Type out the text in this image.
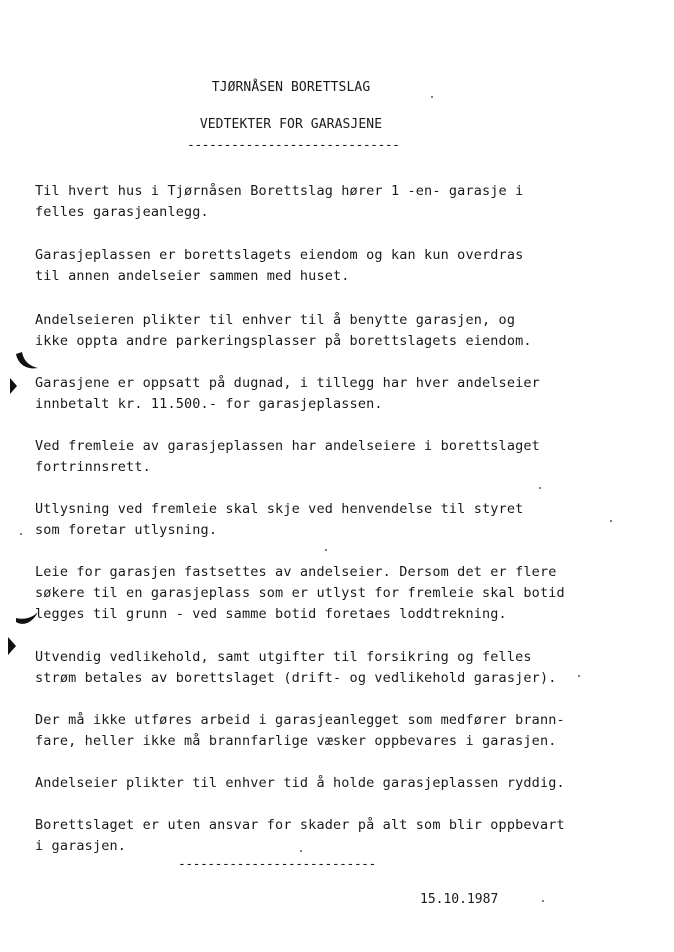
TJØRNÅSEN BORETTSLAG
VEDTEKTER FOR GARASJENE
-----------------------------
Til hvert hus i Tjørnåsen Borettslag hører 1 -en- garasje i
felles garasjeanlegg.
Garasjeplassen er borettslagets eiendom og kan kun overdras
til annen andelseier sammen med huset.
Andelseieren plikter til enhver til å benytte garasjen, og
ikke oppta andre parkeringsplasser på borettslagets eiendom.
Garasjene er oppsatt på dugnad, i tillegg har hver andelseier
innbetalt kr. 11.500.- for garasjeplassen.
Ved fremleie av garasjeplassen har andelseiere i borettslaget
fortrinnsrett.
Utlysning ved fremleie skal skje ved henvendelse til styret
som foretar utlysning.
Leie for garasjen fastsettes av andelseier. Dersom det er flere
søkere til en garasjeplass som er utlyst for fremleie skal botid
legges til grunn - ved samme botid foretaes loddtrekning.
Utvendig vedlikehold, samt utgifter til forsikring og felles
strøm betales av borettslaget (drift- og vedlikehold garasjer).
Der må ikke utføres arbeid i garasjeanlegget som medfører brann-
fare, heller ikke må brannfarlige væsker oppbevares i garasjen.
Andelseier plikter til enhver tid å holde garasjeplassen ryddig.
Borettslaget er uten ansvar for skader på alt som blir oppbevart
i garasjen.
---------------------------
15.10.1987
